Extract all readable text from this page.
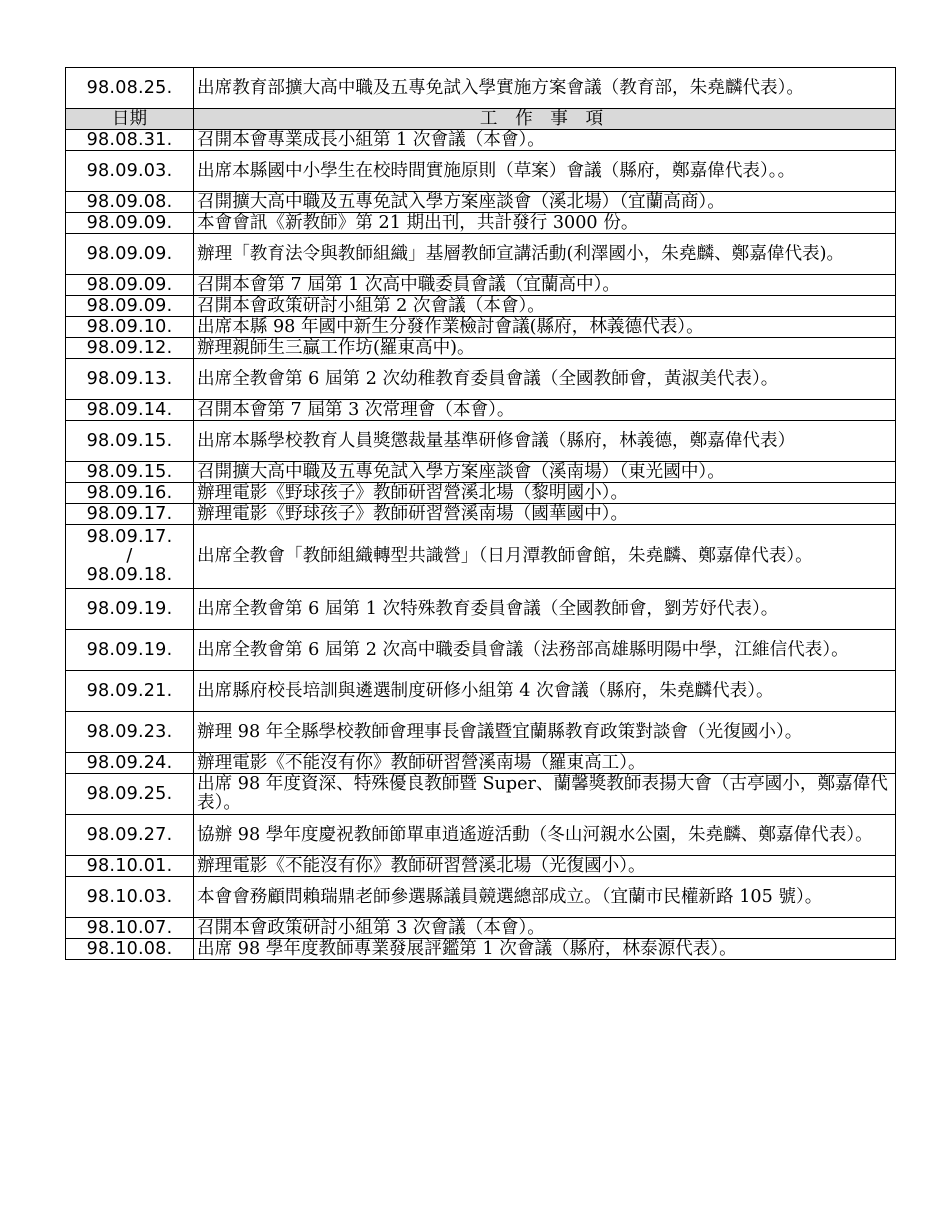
98.08.25.	出席教育部擴大高中職及五專免試入學實施方案會議（教育部，朱堯麟代表）。
日期	工 作 事 項
98.08.31.	召開本會專業成長小組第 1 次會議（本會）。
98.09.03.	出席本縣國中小學生在校時間實施原則（草案）會議（縣府，鄭嘉偉代表）。。
98.09.08.	召開擴大高中職及五專免試入學方案座談會（溪北場）（宜蘭高商）。
98.09.09.	本會會訊《新教師》第 21 期出刊，共計發行 3000 份。
98.09.09.	辦理「教育法令與教師組織」基層教師宣講活動(利澤國小，朱堯麟、鄭嘉偉代表)。
98.09.09.	召開本會第 7 屆第 1 次高中職委員會議（宜蘭高中）。
98.09.09.	召開本會政策研討小組第 2 次會議（本會）。
98.09.10.	出席本縣 98 年國中新生分發作業檢討會議(縣府，林義德代表）。
98.09.12.	辦理親師生三贏工作坊(羅東高中)。
98.09.13.	出席全教會第 6 屆第 2 次幼稚教育委員會議（全國教師會，黃淑美代表）。
98.09.14.	召開本會第 7 屆第 3 次常理會（本會）。
98.09.15.	出席本縣學校教育人員獎懲裁量基準研修會議（縣府，林義德，鄭嘉偉代表）
98.09.15.	召開擴大高中職及五專免試入學方案座談會（溪南場）（東光國中）。
98.09.16.	辦理電影《野球孩子》教師研習營溪北場（黎明國小）。
98.09.17.	辦理電影《野球孩子》教師研習營溪南場（國華國中）。

98.09.17.
/
98.09.18.	出席全教會「教師組織轉型共識營」（日月潭教師會館，朱堯麟、鄭嘉偉代表）。
98.09.19.	出席全教會第 6 屆第 1 次特殊教育委員會議（全國教師會，劉芳妤代表）。
98.09.19.	出席全教會第 6 屆第 2 次高中職委員會議（法務部高雄縣明陽中學，江維信代表）。
98.09.21.	出席縣府校長培訓與遴選制度研修小組第 4 次會議（縣府，朱堯麟代表）。
98.09.23.	辦理 98 年全縣學校教師會理事長會議暨宜蘭縣教育政策對談會（光復國小）。
98.09.24.	辦理電影《不能沒有你》教師研習營溪南場（羅東高工）。
98.09.25.	出席 98 年度資深、特殊優良教師暨 Super、蘭馨獎教師表揚大會（古亭國小，鄭嘉偉代表）。
98.09.27.	協辦 98 學年度慶祝教師節單車逍遙遊活動（冬山河親水公園，朱堯麟、鄭嘉偉代表）。
98.10.01.	辦理電影《不能沒有你》教師研習營溪北場（光復國小）。
98.10.03.	本會會務顧問賴瑞鼎老師參選縣議員競選總部成立。（宜蘭市民權新路 105 號）。
98.10.07.	召開本會政策研討小組第 3 次會議（本會）。
98.10.08.	出席 98 學年度教師專業發展評鑑第 1 次會議（縣府，林泰源代表）。
